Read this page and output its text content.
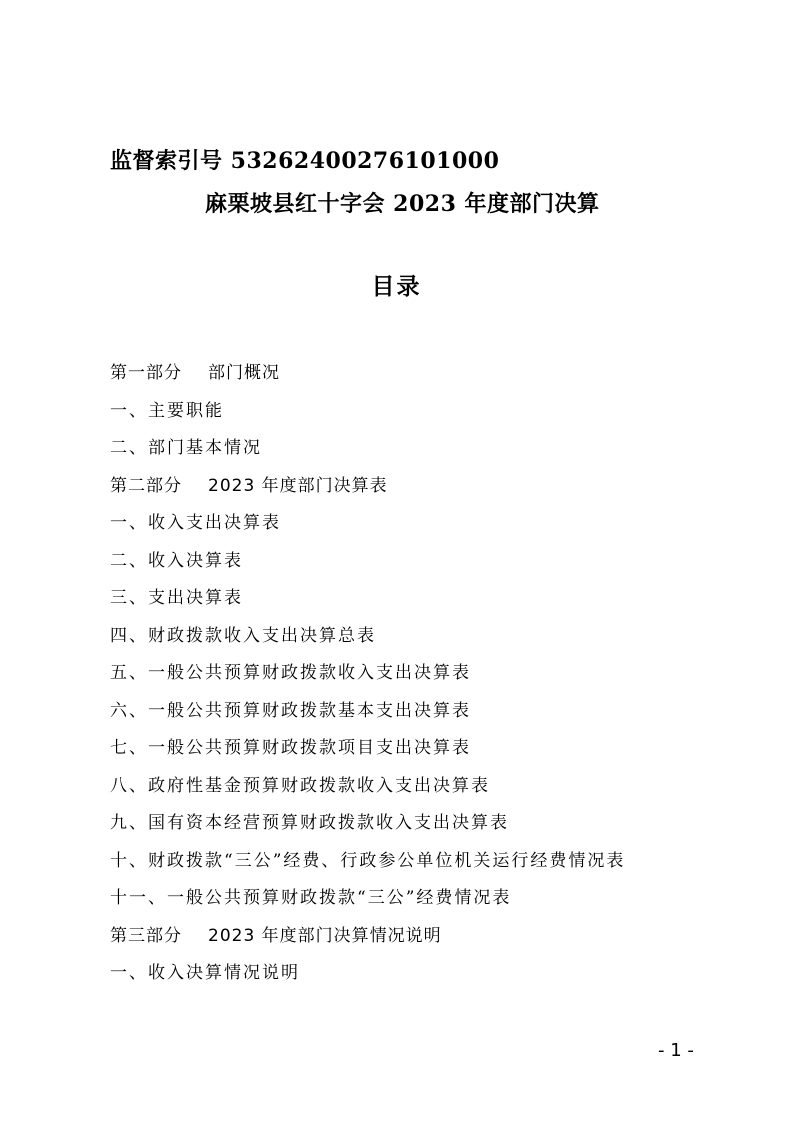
监督索引号 53262400276101000
麻栗坡县红十字会 2023 年度部门决算
目录
第一部分 部门概况
一、主要职能
二、部门基本情况
第二部分 2023 年度部门决算表
一、收入支出决算表
二、收入决算表
三、支出决算表
四、财政拨款收入支出决算总表
五、一般公共预算财政拨款收入支出决算表
六、一般公共预算财政拨款基本支出决算表
七、一般公共预算财政拨款项目支出决算表
八、政府性基金预算财政拨款收入支出决算表
九、国有资本经营预算财政拨款收入支出决算表
十、财政拨款“三公”经费、行政参公单位机关运行经费情况表
十一、一般公共预算财政拨款“三公”经费情况表
第三部分 2023 年度部门决算情况说明
一、收入决算情况说明
- 1 -
